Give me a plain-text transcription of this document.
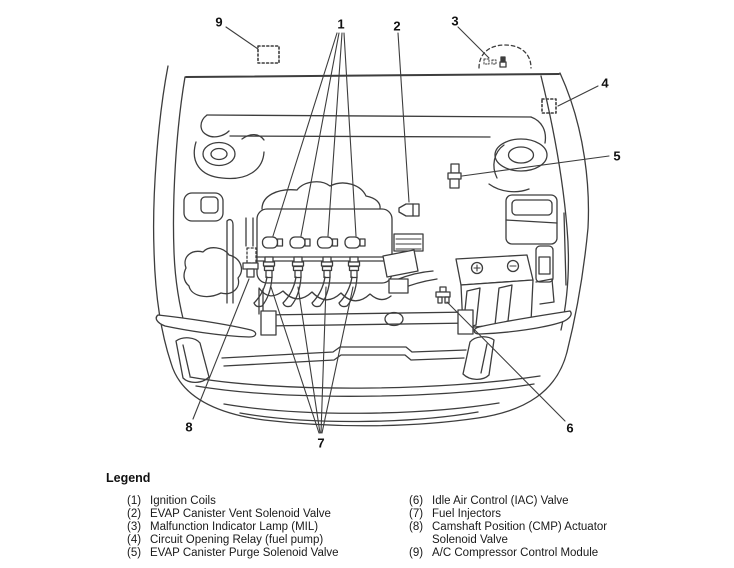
1	2	3
4
5
6
7
8
9
Legend
(1) Ignition Coils
(2) EVAP Canister Vent Solenoid Valve
(3) Malfunction Indicator Lamp (MIL)
(4) Circuit Opening Relay (fuel pump)
(5) EVAP Canister Purge Solenoid Valve
(6) Idle Air Control (IAC) Valve
(7) Fuel Injectors
(8) Camshaft Position (CMP) Actuator Solenoid Valve
(9) A/C Compressor Control Module
